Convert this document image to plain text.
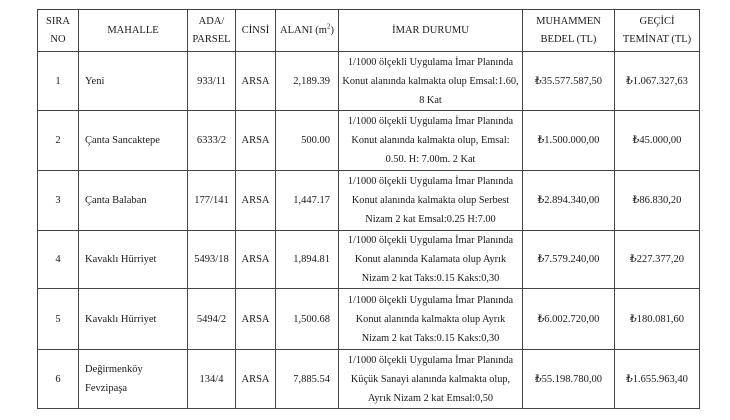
SIRA
NO	MAHALLE	ADA/
PARSEL	CİNSİ	ALANI $(m^2)$	İMAR DURUMU	MUHAMMEN
BEDEL (TL)	GEÇİCİ
TEMİNAT (TL)
1	Yeni	933/11	ARSA	2,189.39	1/1000 ölçekli Uygulama İmar Planında
Konut alanında kalmakta olup Emsal:1.60,
8 Kat	₺35.577.587,50	₺1.067.327,63
2	Çanta Sancaktepe	6333/2	ARSA	500.00	1/1000 ölçekli Uygulama İmar Planında
Konut alanında kalmakta olup, Emsal:
0.50. H: 7.00m. 2 Kat	₺1.500.000,00	₺45.000,00
3	Çanta Balaban	177/141	ARSA	1,447.17	1/1000 ölçekli Uygulama İmar Planında
Konut alanında kalmakta olup Serbest
Nizam 2 kat Emsal:0.25 H:7.00	₺2.894.340,00	₺86.830,20
4	Kavaklı Hürriyet	5493/18	ARSA	1,894.81	1/1000 ölçekli Uygulama İmar Planında
Konut alanında Kalamata olup Ayrık
Nizam 2 kat Taks:0.15 Kaks:0,30	₺7.579.240,00	₺227.377,20
5	Kavaklı Hürriyet	5494/2	ARSA	1,500.68	1/1000 ölçekli Uygulama İmar Planında
Konut alanında kalmakta olup Ayrık
Nizam 2 kat Taks:0.15 Kaks:0,30	₺6.002.720,00	₺180.081,60
6	Değirmenköy Fevzipaşa	134/4	ARSA	7,885.54	1/1000 ölçekli Uygulama İmar Planında
Küçük Sanayi alanında kalmakta olup,
Ayrık Nizam 2 kat Emsal:0,50	₺55.198.780,00	₺1.655.963,40
